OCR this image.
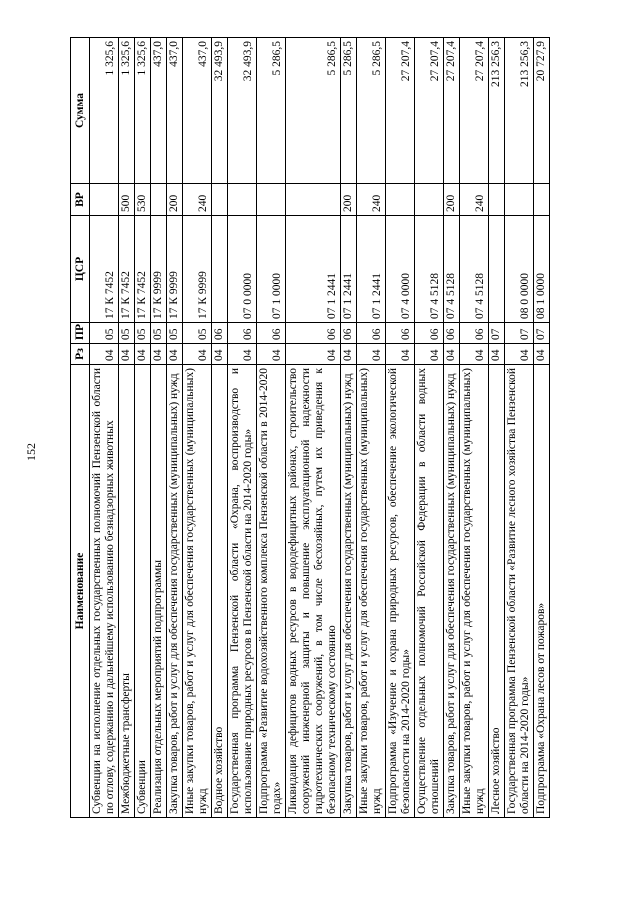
152
Наименование	Рз	ПР	ЦСР	ВР	Сумма
Субвенции на исполнение отдельных государственных полномочий Пензенской области по отлову, содержанию и дальнейшему использованию безнадзорных животных	04	05	17 К 7452		1 325,6
Межбюджетные трансферты	04	05	17 К 7452	500	1 325,6
Субвенции	04	05	17 К 7452	530	1 325,6
Реализация отдельных мероприятий подпрограммы	04	05	17 К 9999		437,0
Закупка товаров, работ и услуг для обеспечения государственных (муниципальных) нужд	04	05	17 К 9999	200	437,0
Иные закупки товаров, работ и услуг для обеспечения государственных (муниципальных) нужд	04	05	17 К 9999	240	437,0
Водное хозяйство	04	06			32 493,9
Государственная программа Пензенской области «Охрана, воспроизводство и использование природных ресурсов в Пензенской области на 2014-2020 годы»	04	06	07 0 0000		32 493,9
Подпрограмма «Развитие водохозяйственного комплекса Пензенской области в 2014-2020 годах»	04	06	07 1 0000		5 286,5
Ликвидация дефицитов водных ресурсов в вододефицитных районах, строительство сооружений инженерной защиты и повышение эксплуатационной надежности гидротехнических сооружений, в том числе бесхозяйных, путем их приведения к безопасному техническому состоянию	04	06	07 1 2441		5 286,5
Закупка товаров, работ и услуг для обеспечения государственных (муниципальных) нужд	04	06	07 1 2441	200	5 286,5
Иные закупки товаров, работ и услуг для обеспечения государственных (муниципальных) нужд	04	06	07 1 2441	240	5 286,5
Подпрограмма «Изучение и охрана природных ресурсов, обеспечение экологической безопасности на 2014-2020 годы»	04	06	07 4 0000		27 207,4
Осуществление отдельных полномочий Российской Федерации в области водных отношений	04	06	07 4 5128		27 207,4
Закупка товаров, работ и услуг для обеспечения государственных (муниципальных) нужд	04	06	07 4 5128	200	27 207,4
Иные закупки товаров, работ и услуг для обеспечения государственных (муниципальных) нужд	04	06	07 4 5128	240	27 207,4
Лесное хозяйство	04	07			213 256,3
Государственная программа Пензенской области «Развитие лесного хозяйства Пензенской области на 2014-2020 годы»	04	07	08 0 0000		213 256,3
Подпрограмма «Охрана лесов от пожаров»	04	07	08 1 0000		20 727,9
